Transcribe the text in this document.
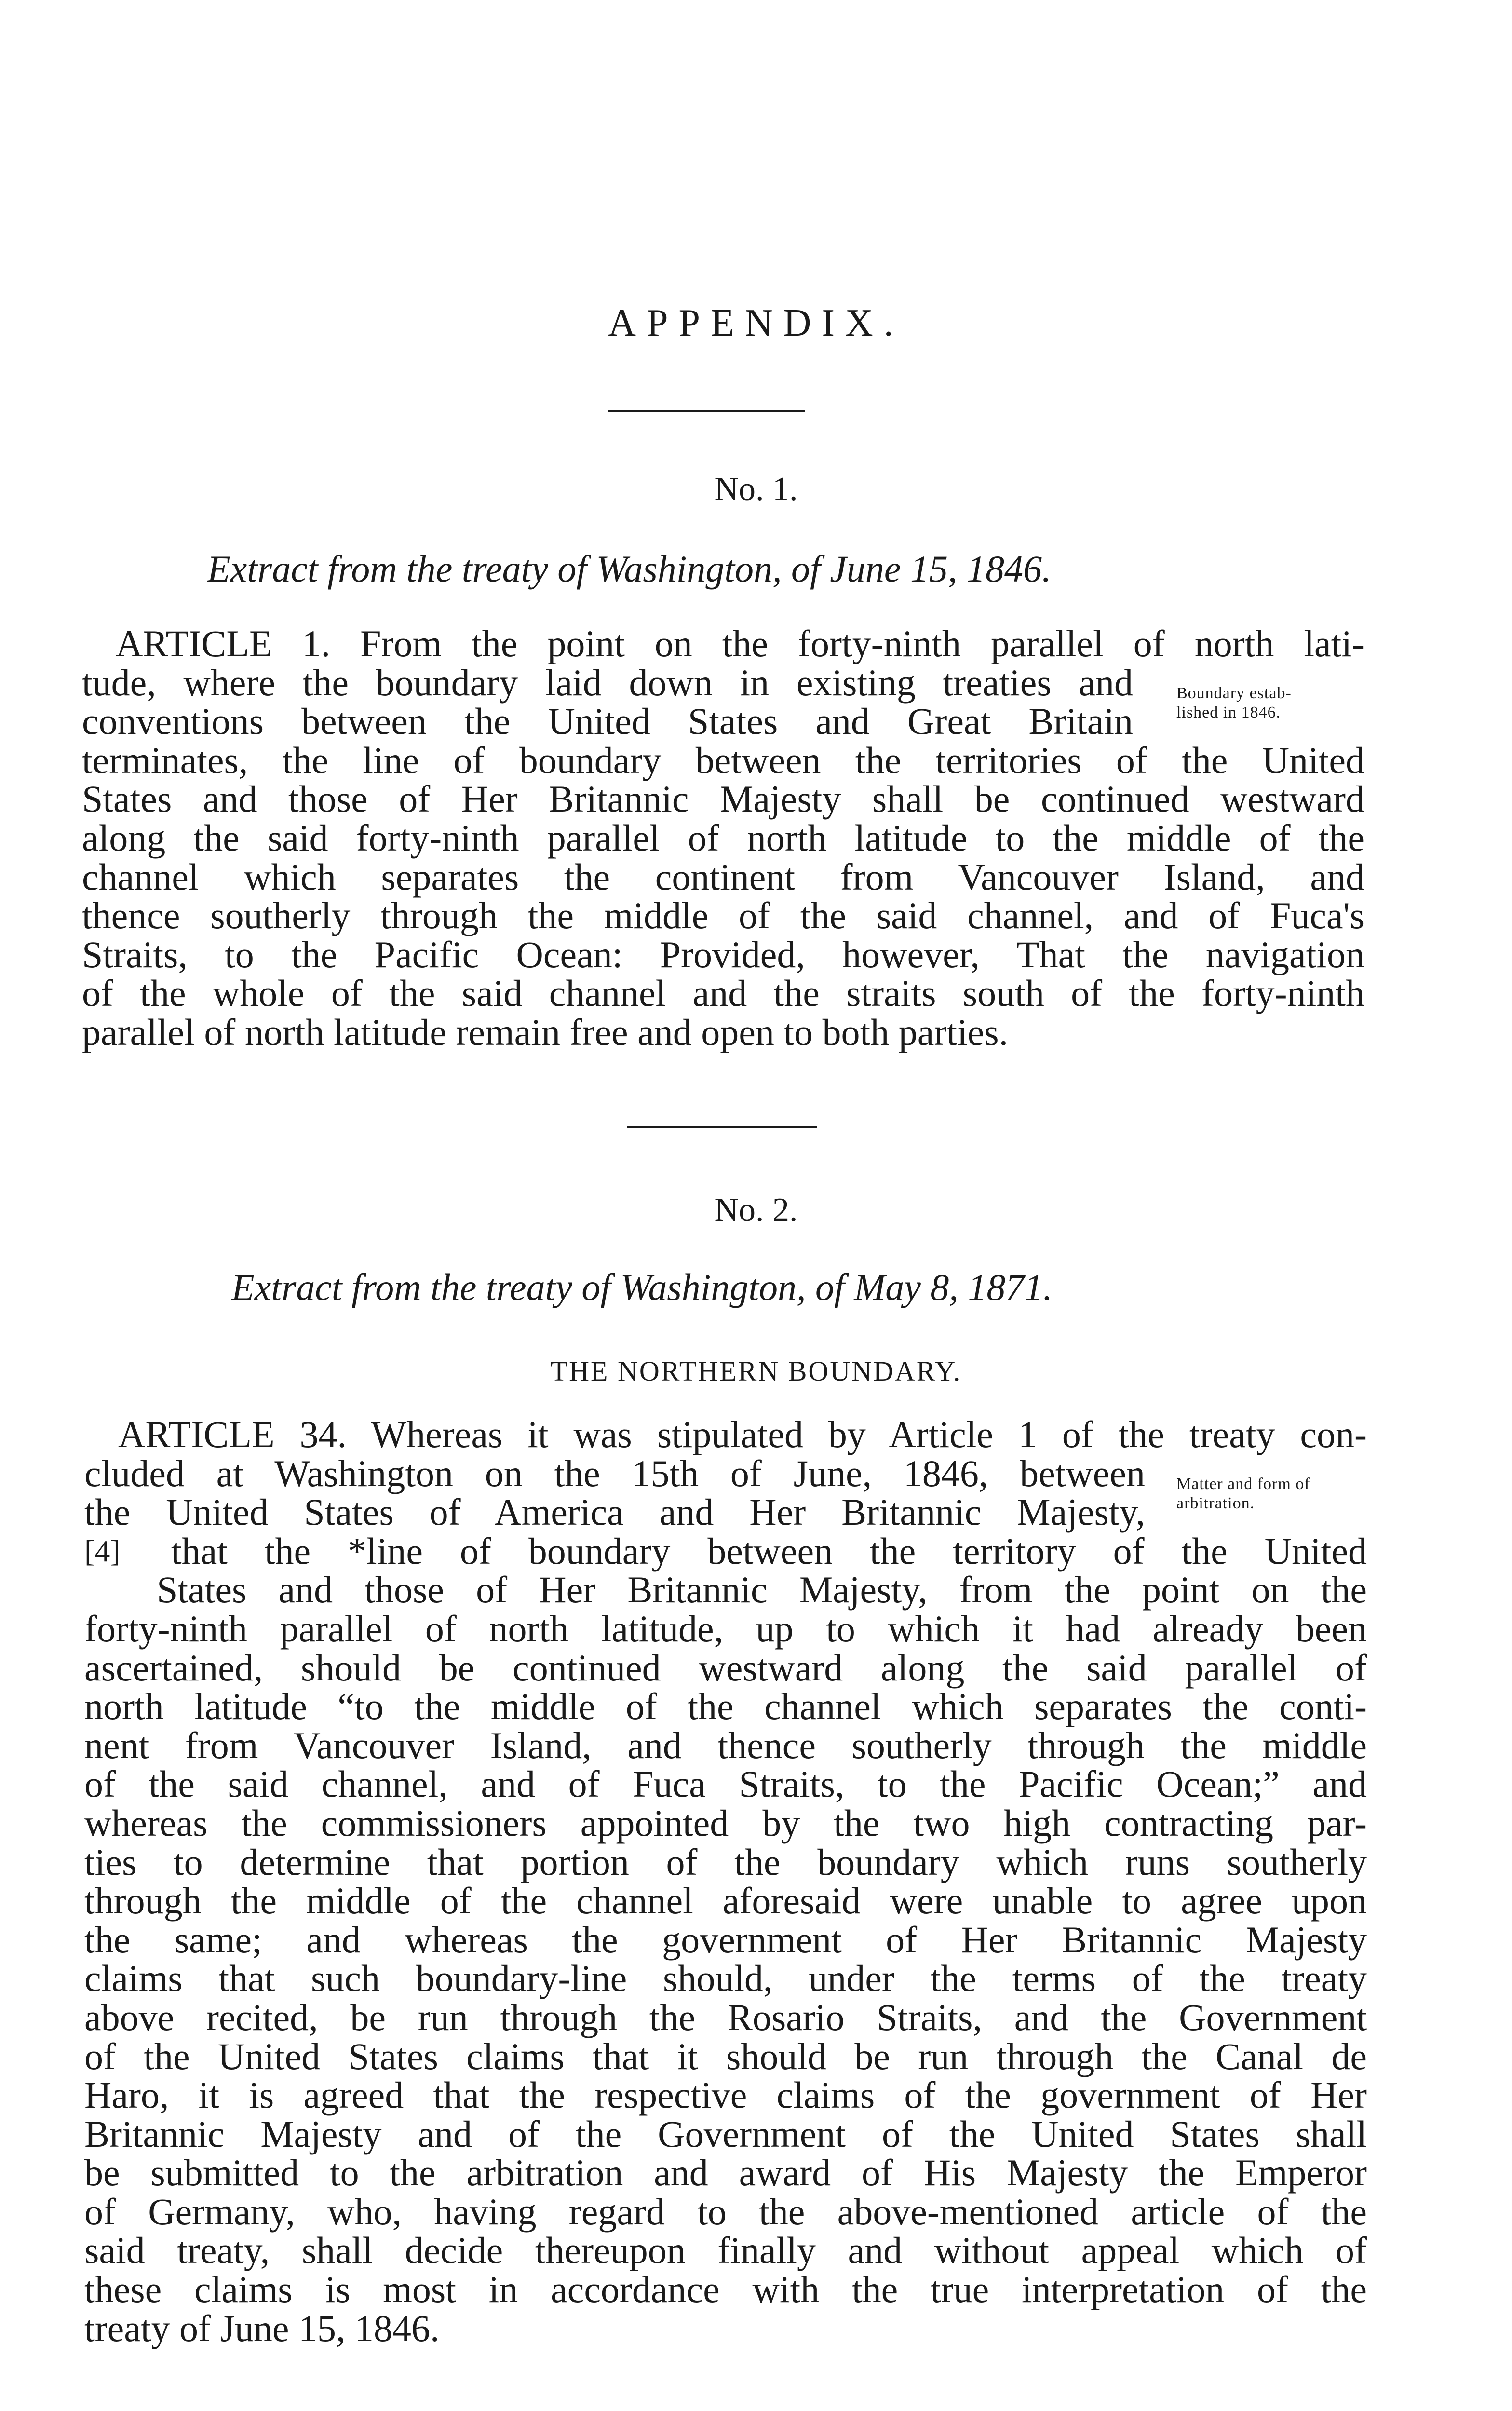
APPENDIX.
No. 1.
Extract from the treaty of Washington, of June 15, 1846.
ARTICLE 1. From the point on the forty-ninth parallel of north lati-
tude, where the boundary laid down in existing treaties and
conventions between the United States and Great Britain
terminates, the line of boundary between the territories of the United
States and those of Her Britannic Majesty shall be continued westward
along the said forty-ninth parallel of north latitude to the middle of the
channel which separates the continent from Vancouver Island, and
thence southerly through the middle of the said channel, and of Fuca's
Straits, to the Pacific Ocean: Provided, however, That the navigation
of the whole of the said channel and the straits south of the forty-ninth
parallel of north latitude remain free and open to both parties.
Boundary estab-
lished in 1846.
No. 2.
Extract from the treaty of Washington, of May 8, 1871.
THE NORTHERN BOUNDARY.
ARTICLE 34. Whereas it was stipulated by Article 1 of the treaty con-
cluded at Washington on the 15th of June, 1846, between
the United States of America and Her Britannic Majesty,
that the *line of boundary between the territory of the United
States and those of Her Britannic Majesty, from the point on the
forty-ninth parallel of north latitude, up to which it had already been
ascertained, should be continued westward along the said parallel of
north latitude “to the middle of the channel which separates the conti-
nent from Vancouver Island, and thence southerly through the middle
of the said channel, and of Fuca Straits, to the Pacific Ocean;” and
whereas the commissioners appointed by the two high contracting par-
ties to determine that portion of the boundary which runs southerly
through the middle of the channel aforesaid were unable to agree upon
the same; and whereas the government of Her Britannic Majesty
claims that such boundary-line should, under the terms of the treaty
above recited, be run through the Rosario Straits, and the Government
of the United States claims that it should be run through the Canal de
Haro, it is agreed that the respective claims of the government of Her
Britannic Majesty and of the Government of the United States shall
be submitted to the arbitration and award of His Majesty the Emperor
of Germany, who, having regard to the above-mentioned article of the
said treaty, shall decide thereupon finally and without appeal which of
these claims is most in accordance with the true interpretation of the
treaty of June 15, 1846.
Matter and form of
arbitration.
[4]
